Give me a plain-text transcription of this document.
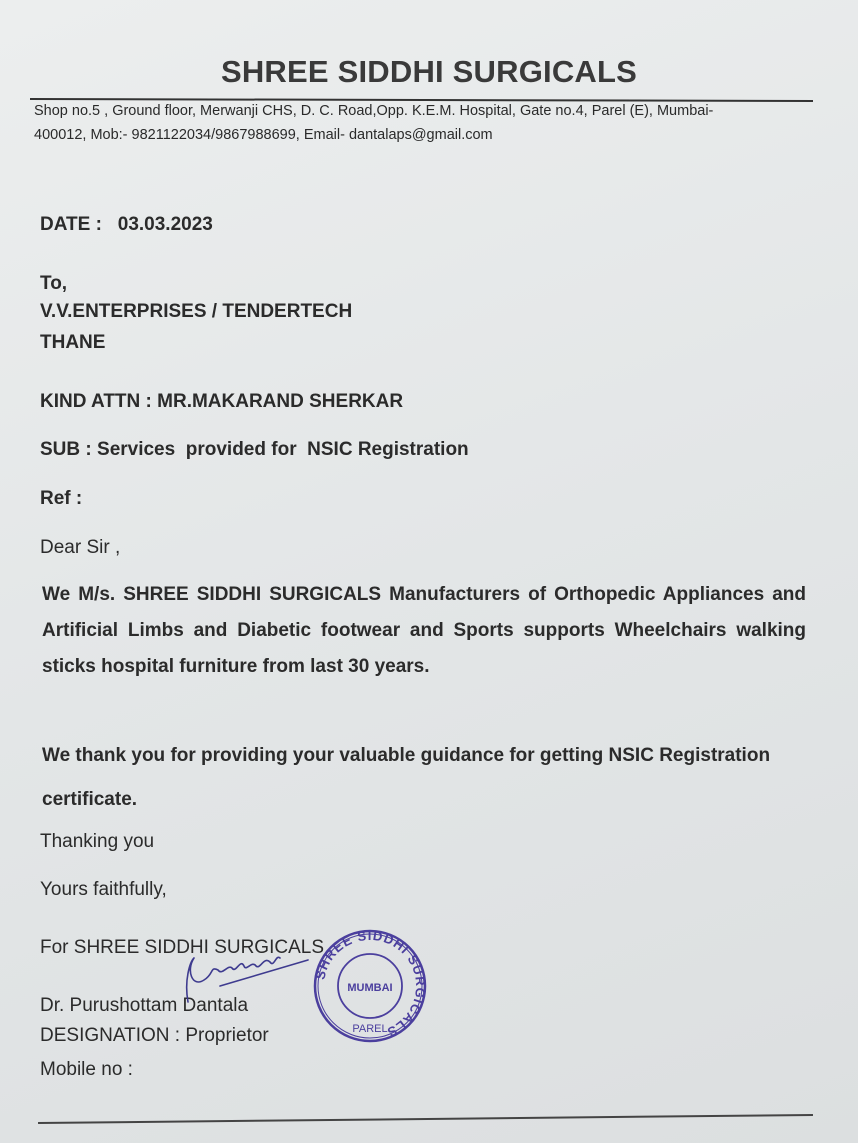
SHREE SIDDHI SURGICALS
Shop no.5 , Ground floor, Merwanji CHS, D. C. Road,Opp. K.E.M. Hospital, Gate no.4, Parel (E), Mumbai-
400012, Mob:- 9821122034/9867988699, Email- dantalaps@gmail.com
DATE : 03.03.2023
To,
V.V.ENTERPRISES / TENDERTECH
THANE
KIND ATTN : MR.MAKARAND SHERKAR
SUB : Services  provided for  NSIC Registration
Ref :
Dear Sir ,
We M/s. SHREE SIDDHI SURGICALS Manufacturers of Orthopedic Appliances and Artificial Limbs and Diabetic footwear and Sports supports Wheelchairs walking sticks hospital furniture from last 30 years.
We thank you for providing your valuable guidance for getting NSIC Registration certificate.
Thanking you
Yours faithfully,
For SHREE SIDDHI SURGICALS
Dr. Purushottam Dantala
DESIGNATION : Proprietor
Mobile no :
SHREE SIDDHI SURGICALS
MUMBAI
PAREL
